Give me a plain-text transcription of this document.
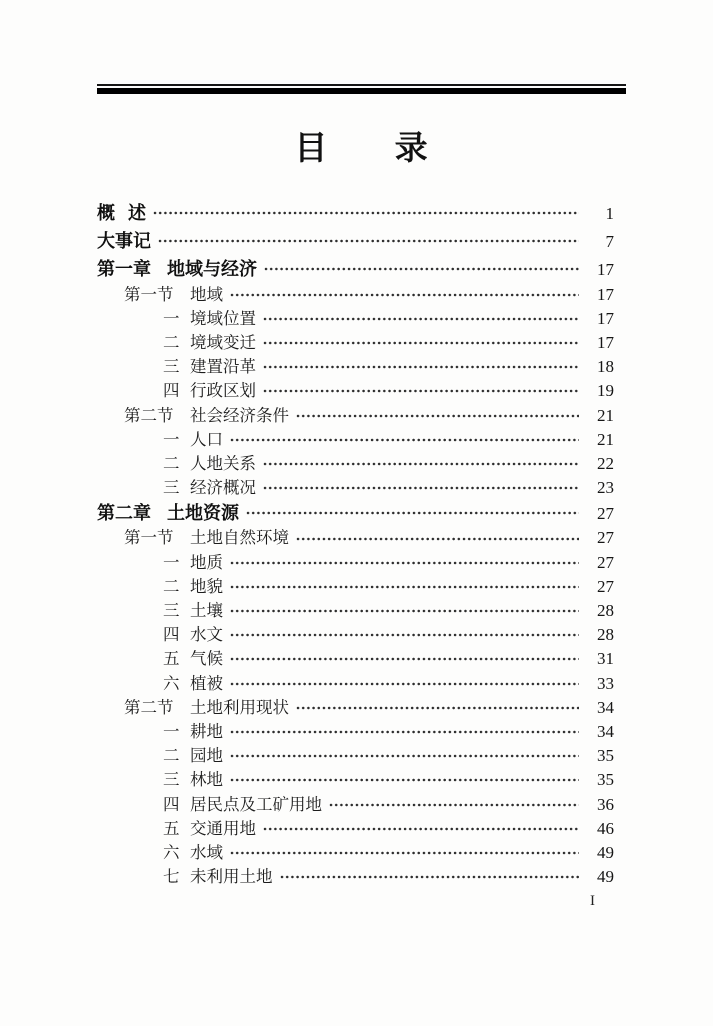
目 录
概 述	1
大事记	7
第一章 地域与经济	17
第一节	地域	17
一 境域位置	17
二 境域变迁	17
三 建置沿革	18
四 行政区划	19
第二节	社会经济条件	21
一 人口	21
二 人地关系	22
三 经济概况	23
第二章 土地资源	27
第一节	土地自然环境	27
一 地质	27
二 地貌	27
三 土壤	28
四 水文	28
五 气候	31
六 植被	33
第二节	土地利用现状	34
一 耕地	34
二 园地	35
三 林地	35
四 居民点及工矿用地	36
五 交通用地	46
六 水域	49
七 未利用土地	49
I
